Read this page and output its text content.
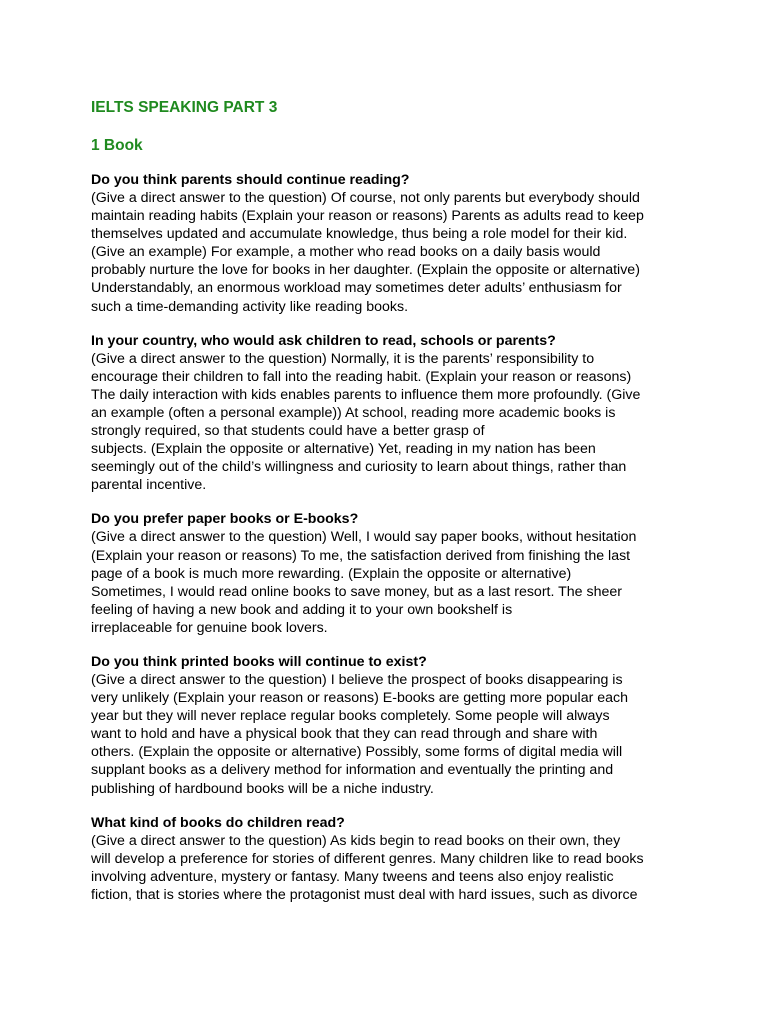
IELTS SPEAKING PART 3
1 Book

Do you think parents should continue reading?

(Give a direct answer to the question) Of course, not only parents but everybody should
maintain reading habits (Explain your reason or reasons) Parents as adults read to keep
themselves updated and accumulate knowledge, thus being a role model for their kid.
(Give an example) For example, a mother who read books on a daily basis would
probably nurture the love for books in her daughter. (Explain the opposite or alternative)
Understandably, an enormous workload may sometimes deter adults’ enthusiasm for
such a time-demanding activity like reading books.

In your country, who would ask children to read, schools or parents?

(Give a direct answer to the question) Normally, it is the parents’ responsibility to
encourage their children to fall into the reading habit. (Explain your reason or reasons)
The daily interaction with kids enables parents to influence them more profoundly. (Give
an example (often a personal example)) At school, reading more academic books is
strongly required, so that students could have a better grasp of
subjects. (Explain the opposite or alternative) Yet, reading in my nation has been
seemingly out of the child’s willingness and curiosity to learn about things, rather than
parental incentive.

Do you prefer paper books or E-books?

(Give a direct answer to the question) Well, I would say paper books, without hesitation
(Explain your reason or reasons) To me, the satisfaction derived from finishing the last
page of a book is much more rewarding. (Explain the opposite or alternative)
Sometimes, I would read online books to save money, but as a last resort. The sheer
feeling of having a new book and adding it to your own bookshelf is
irreplaceable for genuine book lovers.

Do you think printed books will continue to exist?

(Give a direct answer to the question) I believe the prospect of books disappearing is
very unlikely (Explain your reason or reasons) E-books are getting more popular each
year but they will never replace regular books completely. Some people will always
want to hold and have a physical book that they can read through and share with
others. (Explain the opposite or alternative) Possibly, some forms of digital media will
supplant books as a delivery method for information and eventually the printing and
publishing of hardbound books will be a niche industry.

What kind of books do children read?

(Give a direct answer to the question) As kids begin to read books on their own, they
will develop a preference for stories of different genres. Many children like to read books
involving adventure, mystery or fantasy. Many tweens and teens also enjoy realistic
fiction, that is stories where the protagonist must deal with hard issues, such as divorce
